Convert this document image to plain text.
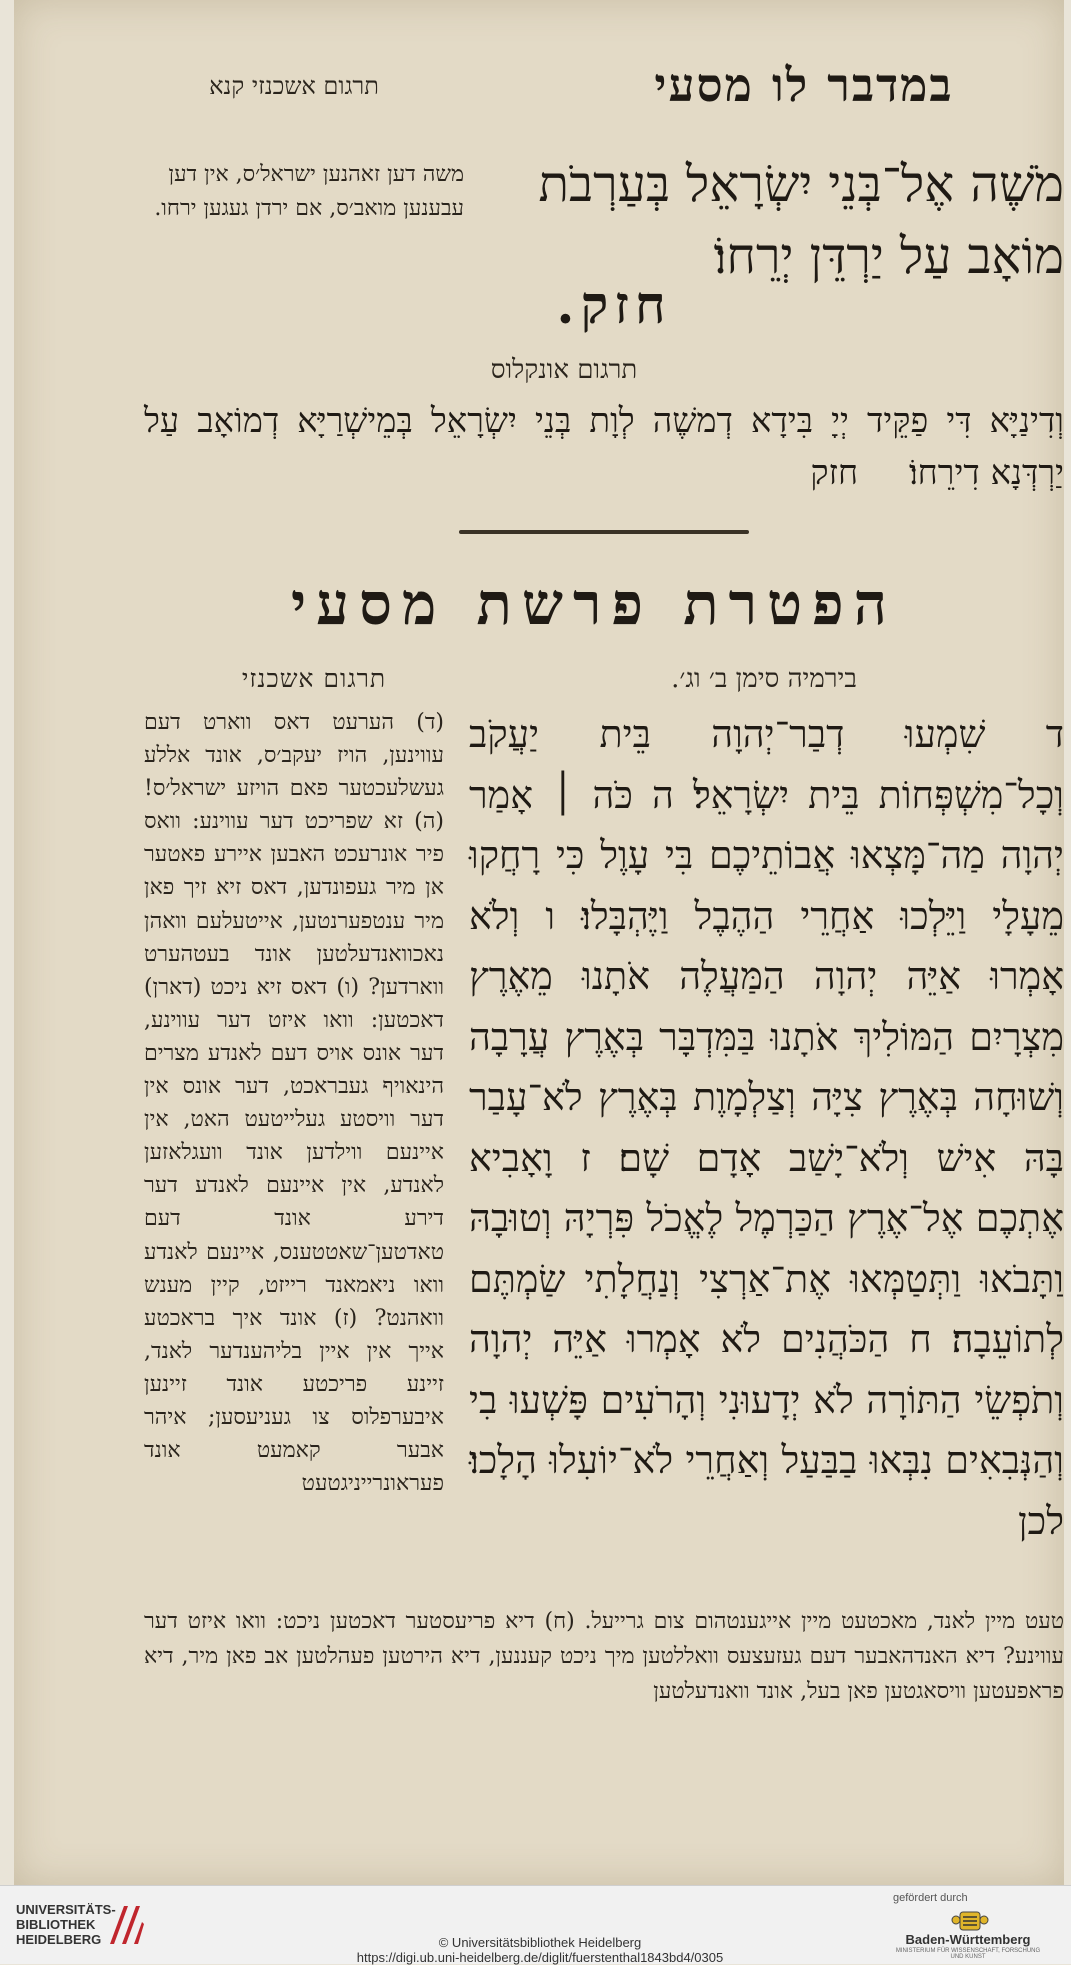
תרגום אשכנזי קנא	במדבר לו מסעי
מֹשֶׁה אֶל־בְּנֵי יִשְׂרָאֵל בְּעַרְבֹת מוֹאָב עַל יַרְדֵּן יְרֵחוֹ׃
משה דען זאהנען ישראל׳ס, אין דען עבענען מואב׳ס, אם ירדן געגען ירחו.
חזק.
תרגום אונקלוס
וְדִינַיָּא דִּי פַקֵּיד יְיָ בִּידָא דְמשֶׁה לְוָת בְּנֵי יִשְׂרָאֵל בְּמֵישְׁרַיָּא דְמוֹאָב עַל יַרְדְּנָא דִירֵחוֹ׃ חזק
הפטרת פרשת מסעי
בירמיה סימן ב׳ וג׳.
תרגום אשכנזי
ד שִׁמְעוּ דְבַר־יְהוָה בֵּית יַעֲקֹב וְכָל־מִשְׁפְּחוֹת בֵּית יִשְׂרָאֵל׃ ה כֹּה ׀ אָמַר יְהוָה מַה־מָּצְאוּ אֲבוֹתֵיכֶם בִּי עָוֶל כִּי רָחֲקוּ מֵעָלָי וַיֵּלְכוּ אַחֲרֵי הַהֶבֶל וַיֶּהְבָּלוּ׃ ו וְלֹא אָמְרוּ אַיֵּה יְהוָה הַמַּעֲלֶה אֹתָנוּ מֵאֶרֶץ מִצְרָיִם הַמּוֹלִיךְ אֹתָנוּ בַּמִּדְבָּר בְּאֶרֶץ עֲרָבָה וְשׁוּחָה בְּאֶרֶץ צִיָּה וְצַלְמָוֶת בְּאֶרֶץ לֹא־עָבַר בָּהּ אִישׁ וְלֹא־יָשַׁב אָדָם שָׁם׃ ז וָאָבִיא אֶתְכֶם אֶל־אֶרֶץ הַכַּרְמֶל לֶאֱכֹל פִּרְיָהּ וְטוּבָהּ וַתָּבֹאוּ וַתְּטַמְּאוּ אֶת־אַרְצִי וְנַחֲלָתִי שַׂמְתֶּם לְתוֹעֵבָה׃ ח הַכֹּהֲנִים לֹא אָמְרוּ אַיֵּה יְהוָה וְתֹפְשֵׂי הַתּוֹרָה לֹא יְדָעוּנִי וְהָרֹעִים פָּשְׁעוּ בִי וְהַנְּבִאִים נִבְּאוּ בַבַּעַל וְאַחֲרֵי לֹא־יוֹעִלוּ הָלָכוּ׃ לכן
(ד) הערעט דאס ווארט דעם עווינען, הויז יעקב׳ס, אונד אללע געשלעכטער פאם הויזע ישראל׳ס! (ה) זא שפריכט דער עווינע: וואס פיר אונרעכט האבען איירע פאטער אן מיר געפונדען, דאס זיא זיך פאן מיר ענטפערנטען, אייטעלעם וואהן נאכוואנדעלטען אונד בעטהערט ווארדען? (ו) דאס זיא ניכט (דארן) דאכטען: וואו איזט דער עווינע, דער אונס אויס דעם לאנדע מצרים הינאויף געבראכט, דער אונס אין דער וויסטע געלייטעט האט, אין איינעם ווילדען אונד וועגלאזען לאנדע, אין איינעם לאנדע דער דירע אונד דעם טאדטען־שאטטענס, איינעם לאנדע וואו ניאמאנד רייזט, קיין מענש וואהנט? (ז) אונד איך בראכטע אייך אין איין בליהענדער לאנד, זיינע פריכטע אונד זיינען איבערפלוס צו געניעסען; איהר אבער קאמעט אונד פעראונרייניגטעט
טעט מיין לאנד, מאכטעט מיין אייגענטהום צום גרייעל. (ח) דיא פריעסטער דאכטען ניכט: וואו איזט דער עווינע? דיא האנדהאבער דעם געזעצעס וואללטען מיך ניכט קעננען, דיא הירטען פעהלטען אב פאן מיר, דיא פראפעטען וויסאגטען פאן בעל, אונד וואנדעלטען
UNIVERSITÄTS- BIBLIOTHEK HEIDELBERG	© Universitätsbibliothek Heidelberg
https://digi.ub.uni-heidelberg.de/diglit/fuerstenthal1843bd4/0305
gefördert durch
Baden-Württemberg
MINISTERIUM FÜR WISSENSCHAFT, FORSCHUNG UND KUNST
